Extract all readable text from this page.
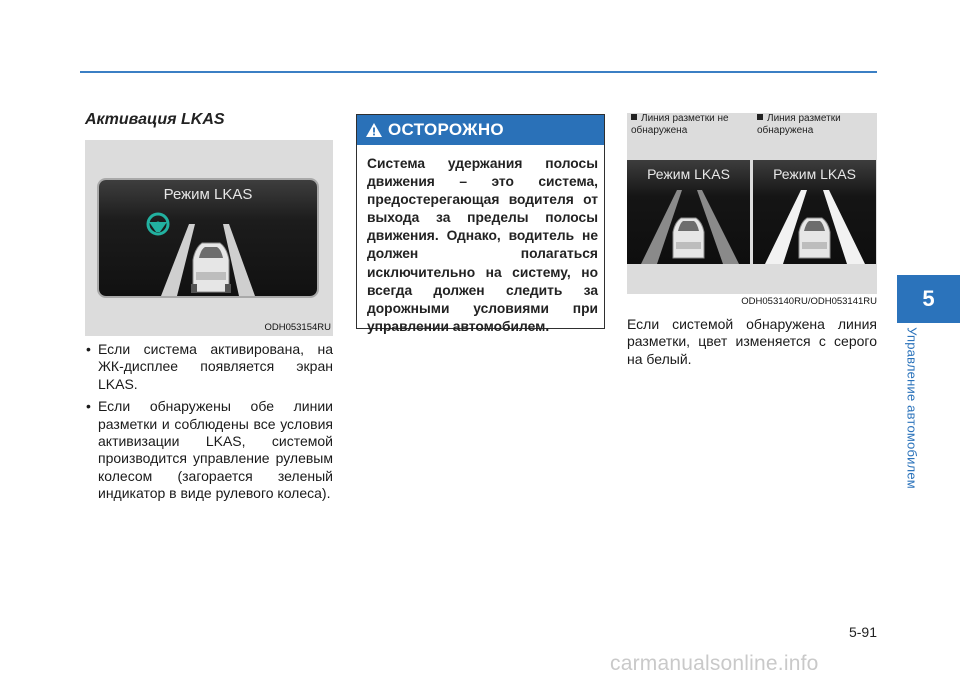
5
Управление автомобилем
Активация LKAS
Режим LKAS
ODH053154RU
• Если система активирована, на ЖК-дисплее появляется экран LKAS.
• Если обнаружены обе линии разметки и соблюдены все условия активизации LKAS, системой производится управление рулевым колесом (загорается зеленый индикатор в виде рулевого колеса).
ОСТОРОЖНО
Система удержания полосы движения – это система, предостерегающая водителя от выхода за пределы полосы движения. Однако, водитель не должен полагаться исключительно на систему, но всегда должен следить за дорожными условиями при управлении автомобилем.
Линия разметки не обнаружена
Линия разметки обнаружена
Режим LKAS	Режим LKAS
ODH053140RU/ODH053141RU
Если системой обнаружена линия разметки, цвет изменяется с серого на белый.
5-91
carmanualsonline.info
